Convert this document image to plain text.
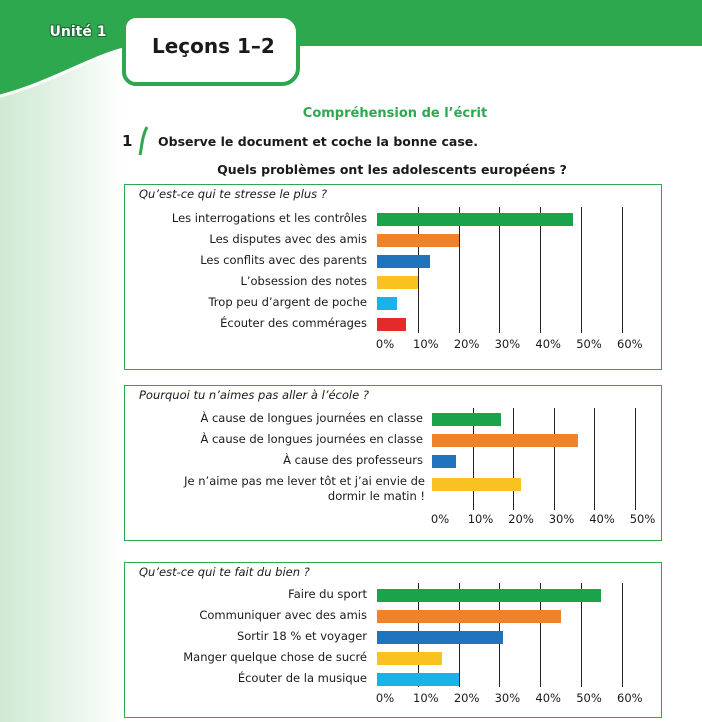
Unité 1
Leçons 1–2
Compréhension de l’écrit
1 Observe le document et coche la bonne case.
Quels problèmes ont les adolescents européens ?
Qu’est-ce qui te stresse le plus ?
0%	10%	20%	30%	40%	50%	60%
Les interrogations et les contrôles
Les disputes avec des amis
Les conflits avec des parents
L’obsession des notes
Trop peu d’argent de poche
Écouter des commérages
Pourquoi tu n’aimes pas aller à l’école ?
0%	10%	20%	30%	40%	50%
À cause de longues journées en classe
À cause de longues journées en classe
À cause des professeurs
Je n’aime pas me lever tôt et j’ai envie de dormir le matin !
Qu’est-ce qui te fait du bien ?
0%	10%	20%	30%	40%	50%	60%
Faire du sport
Communiquer avec des amis
Sortir 18 % et voyager
Manger quelque chose de sucré
Écouter de la musique
